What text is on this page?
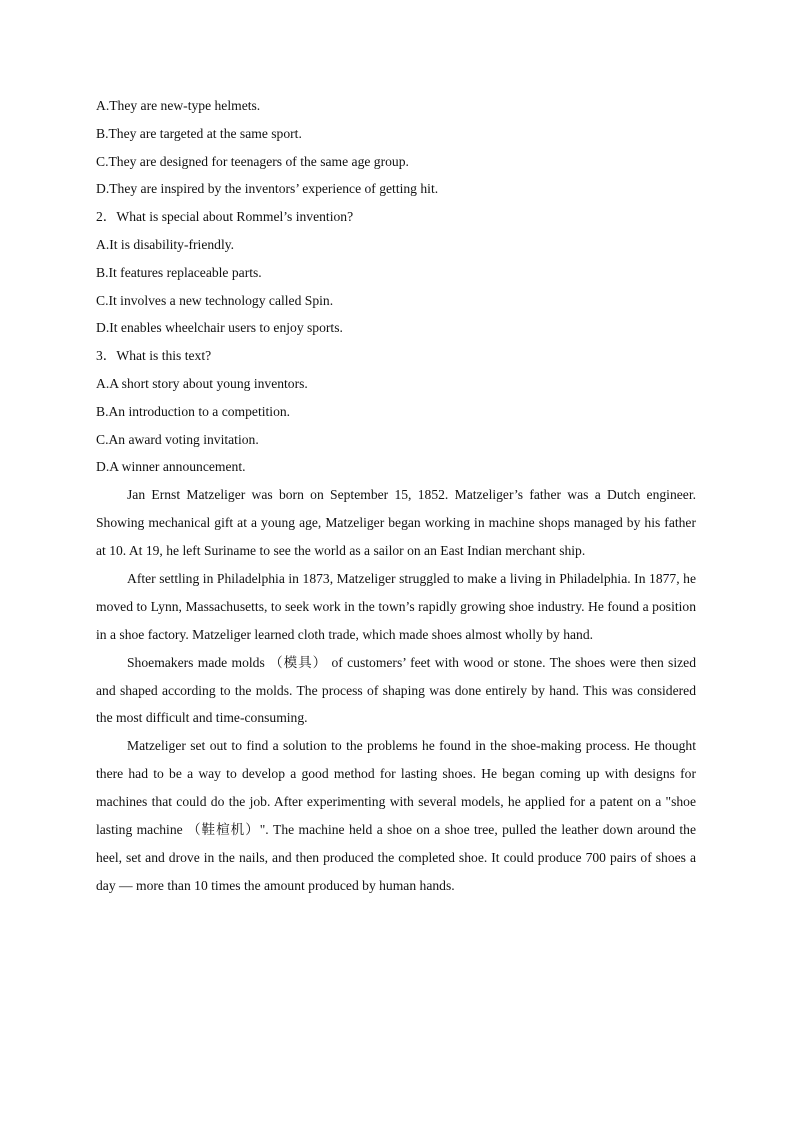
A.They are new-type helmets.
B.They are targeted at the same sport.
C.They are designed for teenagers of the same age group.
D.They are inspired by the inventors’ experience of getting hit.
2．What is special about Rommel’s invention?
A.It is disability-friendly.
B.It features replaceable parts.
C.It involves a new technology called Spin.
D.It enables wheelchair users to enjoy sports.
3．What is this text?
A.A short story about young inventors.
B.An introduction to a competition.
C.An award voting invitation.
D.A winner announcement.
Jan Ernst Matzeliger was born on September 15, 1852. Matzeliger’s father was a Dutch engineer. Showing mechanical gift at a young age, Matzeliger began working in machine shops managed by his father at 10. At 19, he left Suriname to see the world as a sailor on an East Indian merchant ship.
After settling in Philadelphia in 1873, Matzeliger struggled to make a living in Philadelphia. In 1877, he moved to Lynn, Massachusetts, to seek work in the town’s rapidly growing shoe industry. He found a position in a shoe factory. Matzeliger learned cloth trade, which made shoes almost wholly by hand.
Shoemakers made molds （模具） of customers’ feet with wood or stone. The shoes were then sized and shaped according to the molds. The process of shaping was done entirely by hand. This was considered the most difficult and time-consuming.
Matzeliger set out to find a solution to the problems he found in the shoe-making process. He thought there had to be a way to develop a good method for lasting shoes. He began coming up with designs for machines that could do the job. After experimenting with several models, he applied for a patent on a "shoe lasting machine （鞋楦机）". The machine held a shoe on a shoe tree, pulled the leather down around the heel, set and drove in the nails, and then produced the completed shoe. It could produce 700 pairs of shoes a day — more than 10 times the amount produced by human hands.
